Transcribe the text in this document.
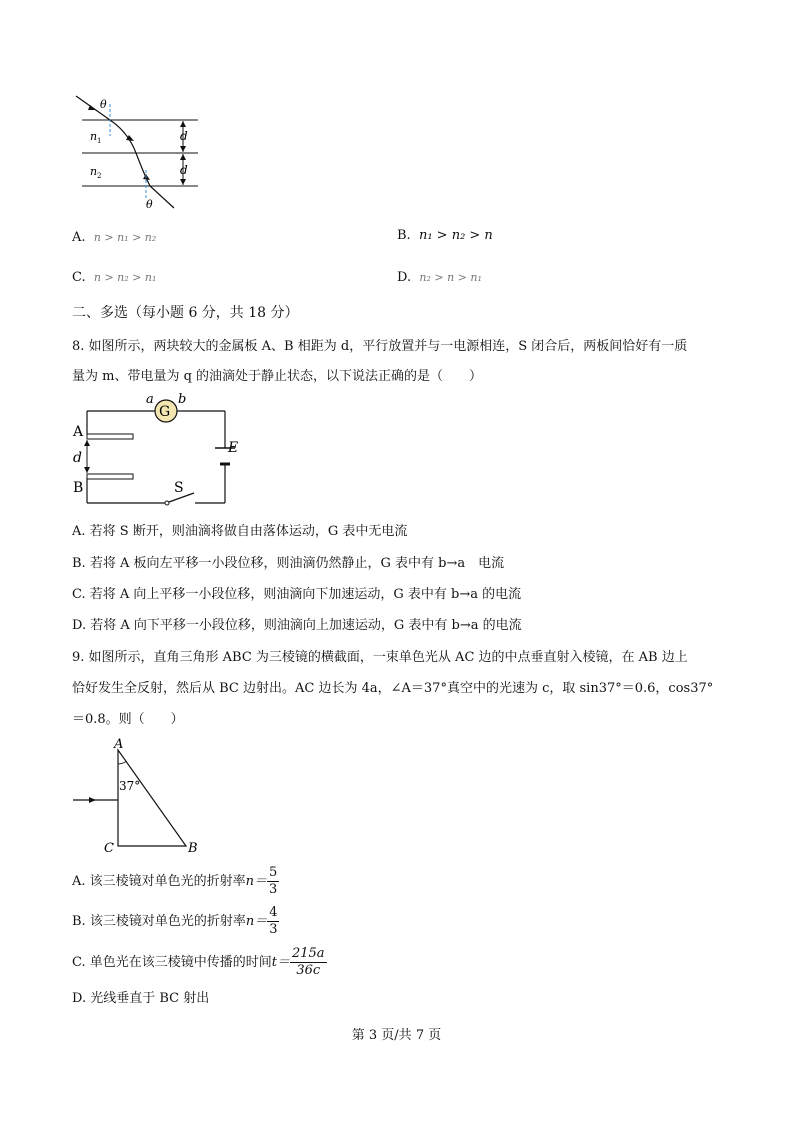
θ
n 1
n 2
d
d
θ
A. n > n₁ > n₂	B. n₁ > n₂ > n
C. n > n₂ > n₁	D. n₂ > n > n₁
二、多选（每小题 6 分，共 18 分）
8. 如图所示，两块较大的金属板 A、B 相距为 d，平行放置并与一电源相连，S 闭合后，两板间恰好有一质
量为 m、带电量为 q 的油滴处于静止状态，以下说法正确的是（　　）
G
a b
A
B
d
E
S
A. 若将 S 断开，则油滴将做自由落体运动，G 表中无电流
B. 若将 A 板向左平移一小段位移，则油滴仍然静止，G 表中有 b→a　电流
C. 若将 A 向上平移一小段位移，则油滴向下加速运动，G 表中有 b→a 的电流
D. 若将 A 向下平移一小段位移，则油滴向上加速运动，G 表中有 b→a 的电流
9. 如图所示，直角三角形 ABC 为三棱镜的横截面，一束单色光从 AC 边的中点垂直射入棱镜，在 AB 边上
恰好发生全反射，然后从 BC 边射出。AC 边长为 4a，∠A＝37°真空中的光速为 c，取 sin37°＝0.6，cos37°
＝0.8。则（　　）
A
37°
C	B
A. 该三棱镜对单色光的折射率$n= \frac{5}{3}$
B. 该三棱镜对单色光的折射率$n= \frac{4}{3}$
C. 单色光在该三棱镜中传播的时间$t= \frac{215a}{36c}$
D. 光线垂直于 BC 射出
第 3 页/共 7 页
